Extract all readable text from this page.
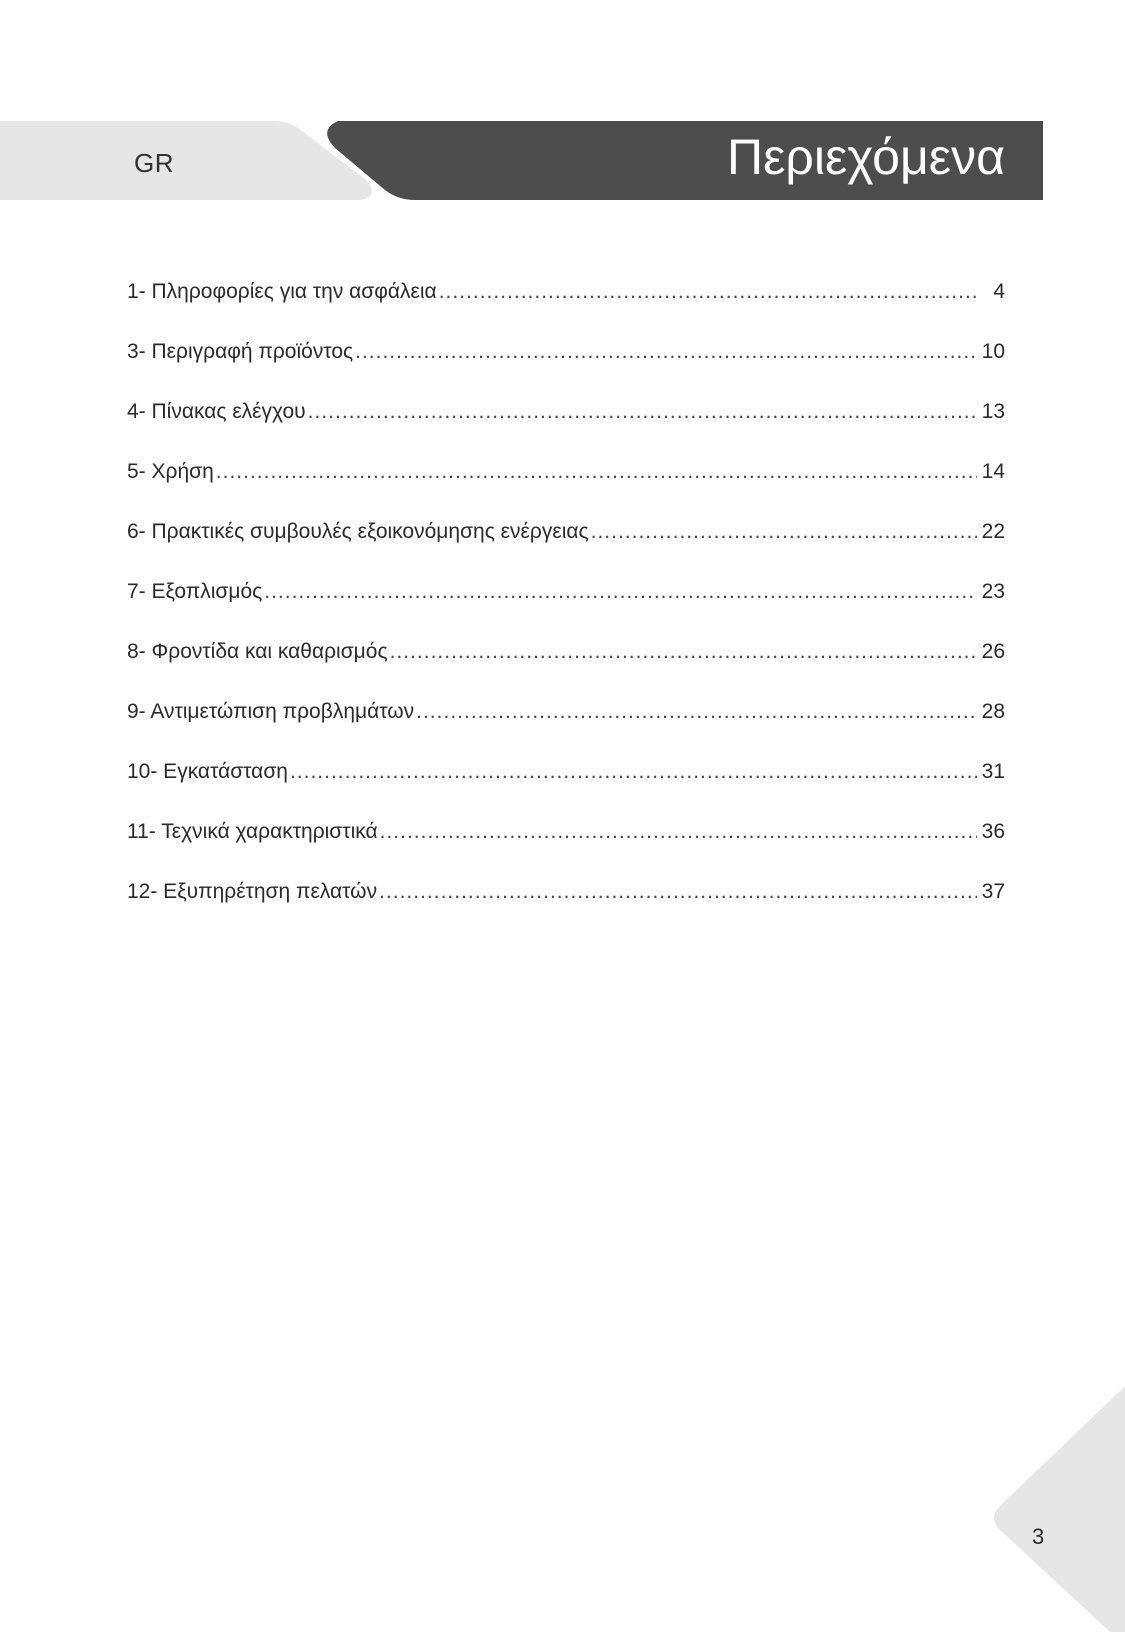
GR	Περιεχόμενα
1- Πληροφορίες για την ασφάλεια .....	4
3- Περιγραφή προϊόντος .....	10
4- Πίνακας ελέγχου .....	13
5- Χρήση .....	14
6- Πρακτικές συμβουλές εξοικονόμησης ενέργειας .....	22
7- Εξοπλισμός .....	23
8- Φροντίδα και καθαρισμός .....	26
9- Αντιμετώπιση προβλημάτων .....	28
10- Εγκατάσταση .....	31
11- Τεχνικά χαρακτηριστικά .....	36
12- Εξυπηρέτηση πελατών .....	37
3
